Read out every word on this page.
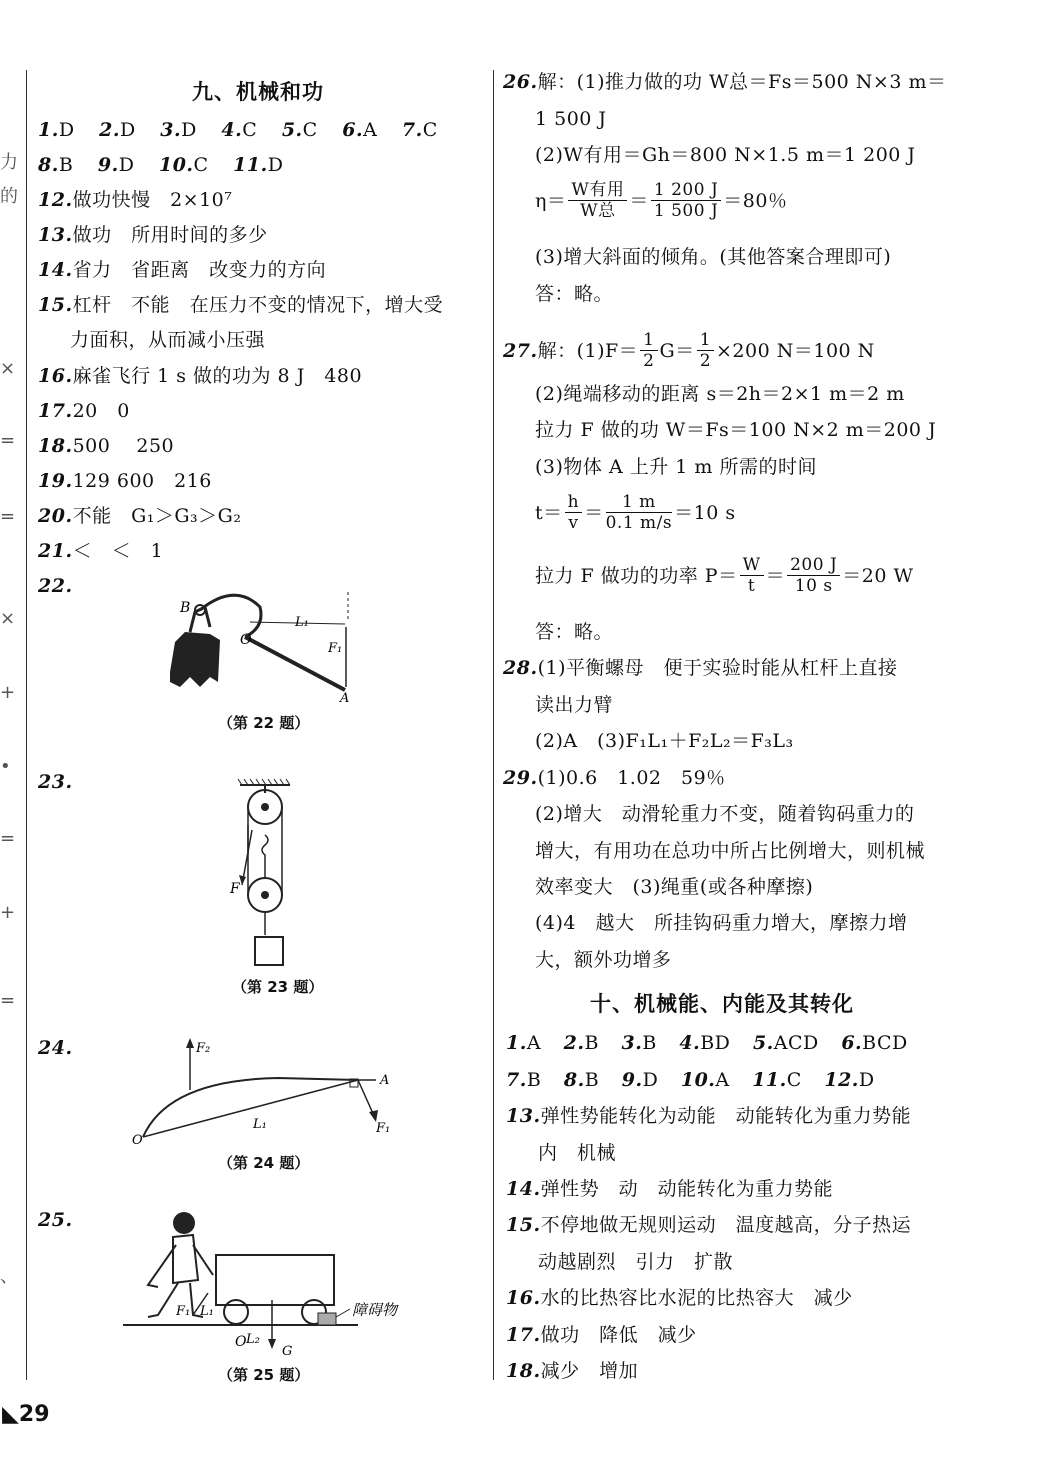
力
的
×
=
=
×
+
•
=
+
=
、
九、机械和功
1.D 2.D 3.D 4.C 5.C 6.A 7.C
8.B 9.D 10.C 11.D
12.做功快慢　2×10⁷
13.做功　所用时间的多少
14.省力　省距离　改变力的方向
15.杠杆　不能　在压力不变的情况下，增大受
力面积，从而减小压强
16.麻雀飞行 1 s 做的功为 8 J　480
17.20　0
18.500　 250
19.129 600　216
20.不能　G₁＞G₃＞G₂
21.＜　＜　1
22.
B
O
L₁
F₁
A
（第 22 题）
23.
F
（第 23 题）
24.	F₂
A
L₁
O
F₁
（第 24 题）
25.
F₁ L₁
O L₂
G
障碍物
（第 25 题）
◣29
26.解：(1)推力做的功 W总＝Fs＝500 N×3 m＝
1 500 J
(2)W有用＝Gh＝800 N×1.5 m＝1 200 J
$\eta= \frac{\text{W有用}}{\text{W总}} = \frac{1 200 J}{1 500 J} =80$％
(3)增大斜面的倾角。(其他答案合理即可)
答：略。
27. 解：$(1)F= \frac{1}{2} G= \frac{1}{2} \times 200$ N＝100 N
(2)绳端移动的距离 s＝2h＝2×1 m＝2 m
拉力 F 做的功 W＝Fs＝100 N×2 m＝200 J
(3)物体 A 上升 1 m 所需的时间
$t= \frac{h}{v} = \frac{1 m}{0.1 m/s} =10$ s
拉力 F 做功的功率 $P= \frac{W}{t} = \frac{200 J}{10 s} =20$ W
答：略。
28.(1)平衡螺母　便于实验时能从杠杆上直接
读出力臂
(2)A　(3)F₁L₁＋F₂L₂＝F₃L₃
29.(1)0.6　1.02　59％
(2)增大　动滑轮重力不变，随着钩码重力的
增大，有用功在总功中所占比例增大，则机械
效率变大　(3)绳重(或各种摩擦)
(4)4　越大　所挂钩码重力增大，摩擦力增
大，额外功增多
十、机械能、内能及其转化
1.A 2.B 3.B 4.BD 5.ACD 6.BCD
7.B 8.B 9.D 10.A 11.C 12.D
13.弹性势能转化为动能　动能转化为重力势能
内　机械
14.弹性势　动　动能转化为重力势能
15.不停地做无规则运动　温度越高，分子热运
动越剧烈　引力　扩散
16.水的比热容比水泥的比热容大　减少
17.做功　降低　减少
18.减少　增加
